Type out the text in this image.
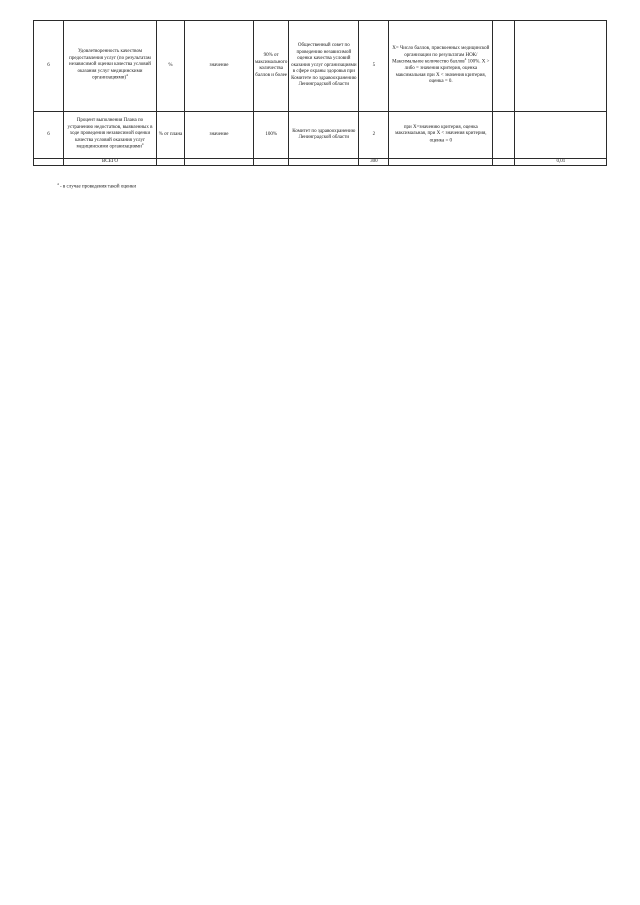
6	Удовлетворенность качеством предоставления услуг (по результатам независимой оценки качества условий оказания услуг медицинскими организациями)$^4$	%	значение	90% от максимального количества баллов и более	Общественный совет по проведению независимой оценки качества условий оказания услуг организациями в сфере охраны здоровья при Комитете по здравоохранению Ленинградской области	5	X= Число баллов, присвоенных медицинской организации по результатам НОК/Максимальное количество баллов$^4$ 100%. X > либо = значения критерия, оценка максимальная при X < значения критерия, оценка = 0.		
6	Процент выполнения Плана по устранению недостатков, выявленных в ходе проведения независимой оценки качества условий оказания услуг медицинскими организациями$^4$	% от плана	значение	100%	Комитет по здравоохранению Ленинградской области	2	при X=значению критерия, оценка максимальная, при X < значения критерия, оценка = 0		
	ВСЕГО					300			0,01
$^4$ - в случае проведения такой оценки
